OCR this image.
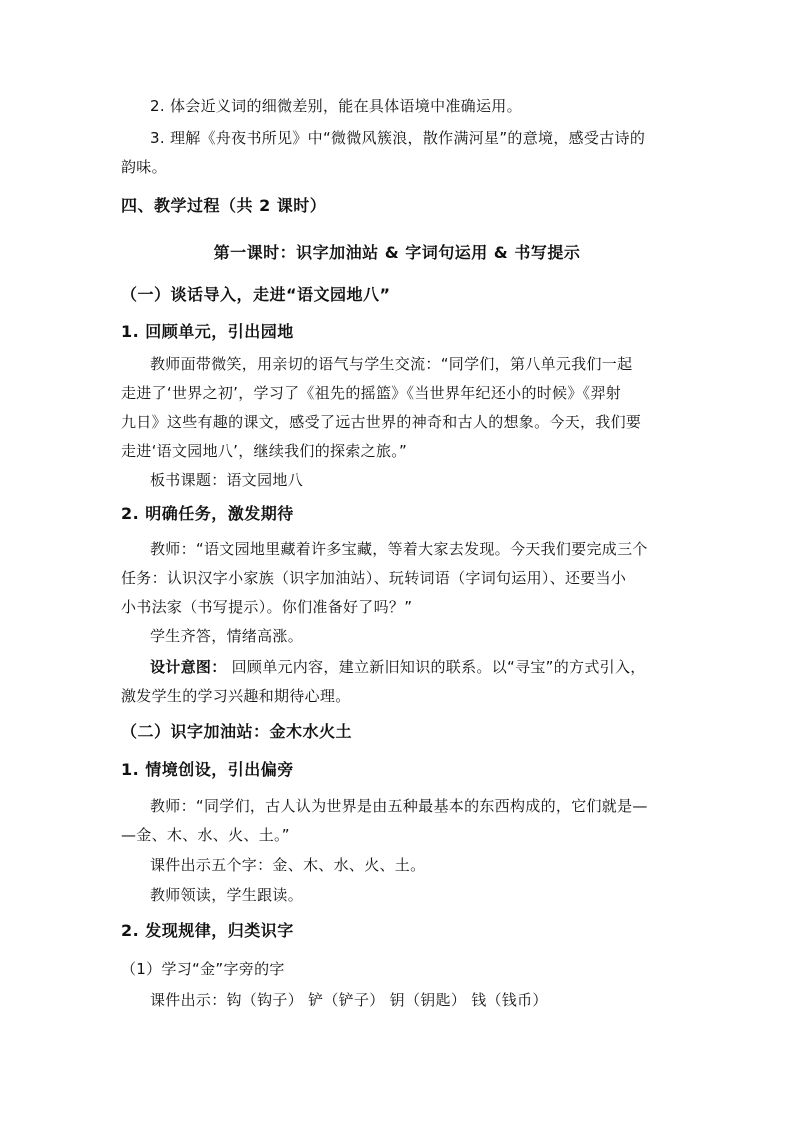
2. 体会近义词的细微差别，能在具体语境中准确运用。
3. 理解《舟夜书所见》中“微微风簇浪，散作满河星”的意境，感受古诗的
韵味。
四、教学过程（共 2 课时）
第一课时：识字加油站 & 字词句运用 & 书写提示
（一）谈话导入，走进“语文园地八”
1. 回顾单元，引出园地
教师面带微笑，用亲切的语气与学生交流：“同学们，第八单元我们一起
走进了‘世界之初’，学习了《祖先的摇篮》《当世界年纪还小的时候》《羿射
九日》这些有趣的课文，感受了远古世界的神奇和古人的想象。今天，我们要
走进‘语文园地八’，继续我们的探索之旅。”
板书课题：语文园地八
2. 明确任务，激发期待
教师：“语文园地里藏着许多宝藏，等着大家去发现。今天我们要完成三个
任务：认识汉字小家族（识字加油站）、玩转词语（字词句运用）、还要当小
小书法家（书写提示）。你们准备好了吗？”
学生齐答，情绪高涨。
设计意图： 回顾单元内容，建立新旧知识的联系。以“寻宝”的方式引入，
激发学生的学习兴趣和期待心理。
（二）识字加油站：金木水火土
1. 情境创设，引出偏旁
教师：“同学们，古人认为世界是由五种最基本的东西构成的，它们就是—
—金、木、水、火、土。”
课件出示五个字：金、木、水、火、土。
教师领读，学生跟读。
2. 发现规律，归类识字
（1）学习“金”字旁的字
课件出示：钩（钩子） 铲（铲子） 钥（钥匙） 钱（钱币）
